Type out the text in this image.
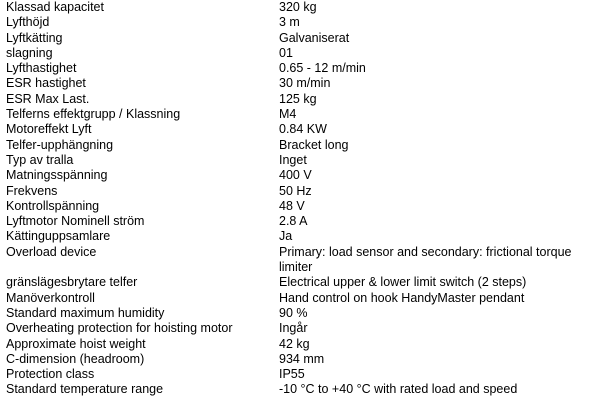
Klassad kapacitet	320 kg
Lyfthöjd	3 m
Lyftkätting	Galvaniserat
slagning	01
Lyfthastighet	0.65 - 12 m/min
ESR hastighet	30 m/min
ESR Max Last.	125 kg
Telferns effektgrupp / Klassning	M4
Motoreffekt Lyft	0.84 KW
Telfer-upphängning	Bracket long
Typ av tralla	Inget
Matningsspänning	400 V
Frekvens	50 Hz
Kontrollspänning	48 V
Lyftmotor Nominell ström	2.8 A
Kättinguppsamlare	Ja
Overload device	Primary: load sensor and secondary: frictional torque limiter
gränslägesbrytare telfer	Electrical upper & lower limit switch (2 steps)
Manöverkontroll	Hand control on hook HandyMaster pendant
Standard maximum humidity	90 %
Overheating protection for hoisting motor	Ingår
Approximate hoist weight	42 kg
C-dimension (headroom)	934 mm
Protection class	IP55
Standard temperature range	-10 °C to +40 °C with rated load and speed
